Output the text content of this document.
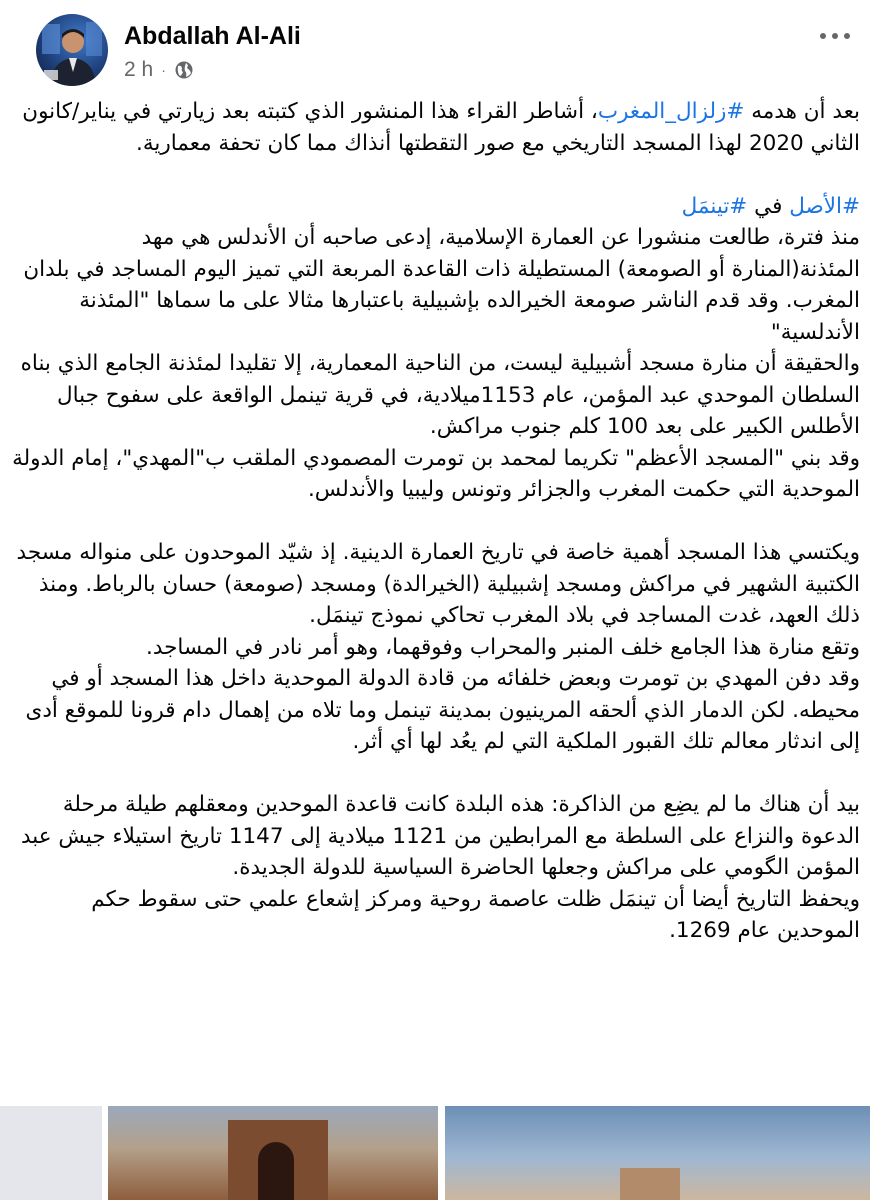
Abdallah Al-Ali
2 h ·

بعد أن هدمه #زلزال_المغرب، أشاطر القراء هذا المنشور الذي كتبته بعد زيارتي في يناير/كانون الثاني 2020 لهذا المسجد التاريخي مع صور التقطتها أنذاك مما كان تحفة معمارية.

#الأصل في #تينمَل

منذ فترة، طالعت منشورا عن العمارة الإسلامية، إدعى صاحبه أن الأندلس هي مهد المئذنة(المنارة أو الصومعة) المستطيلة ذات القاعدة المربعة التي تميز اليوم المساجد في بلدان المغرب. وقد قدم الناشر صومعة الخيرالده بإشبيلية باعتبارها مثالا على ما سماها "المئذنة الأندلسية"

والحقيقة أن منارة مسجد أشبيلية ليست، من الناحية المعمارية، إلا تقليدا لمئذنة الجامع الذي بناه السلطان الموحدي عبد المؤمن، عام 1153ميلادية، في قرية تينمل الواقعة على سفوح جبال الأطلس الكبير على بعد 100 كلم جنوب مراكش.

وقد بني "المسجد الأعظم" تكريما لمحمد بن تومرت المصمودي الملقب ب"المهدي"، إمام الدولة الموحدية التي حكمت المغرب والجزائر وتونس وليبيا والأندلس.

ويكتسي هذا المسجد أهمية خاصة في تاريخ العمارة الدينية. إذ شيّد الموحدون على منواله مسجد الكتبية الشهير في مراكش ومسجد إشبيلية (الخيرالدة) ومسجد (صومعة) حسان بالرباط. ومنذ ذلك العهد، غدت المساجد في بلاد المغرب تحاكي نموذج تينمَل.

وتقع منارة هذا الجامع خلف المنبر والمحراب وفوقهما، وهو أمر نادر في المساجد.

وقد دفن المهدي بن تومرت وبعض خلفائه من قادة الدولة الموحدية داخل هذا المسجد أو في محيطه. لكن الدمار الذي ألحقه المرينيون بمدينة تينمل وما تلاه من إهمال دام قرونا للموقع أدى إلى اندثار معالم تلك القبور الملكية التي لم يعُد لها أي أثر.

بيد أن هناك ما لم يضِع من الذاكرة: هذه البلدة كانت قاعدة الموحدين ومعقلهم طيلة مرحلة الدعوة والنزاع على السلطة مع المرابطين من 1121 ميلادية إلى 1147 تاريخ استيلاء جيش عبد المؤمن الگومي على مراكش وجعلها الحاضرة السياسية للدولة الجديدة.

ويحفظ التاريخ أيضا أن تينمَل ظلت عاصمة روحية ومركز إشعاع علمي حتى سقوط حكم الموحدين عام 1269.
